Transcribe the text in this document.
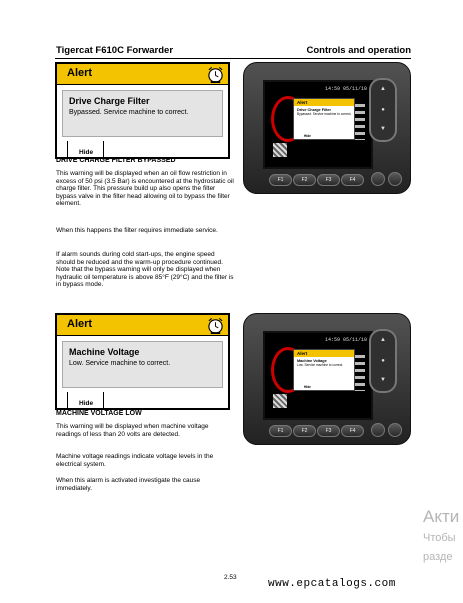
Tigercat F610C Forwarder	Controls and operation
Alert
Drive Charge Filter
Bypassed. Service machine to correct.
Hide
DRIVE CHARGE FILTER BYPASSED
This warning will be displayed when an oil flow restriction in excess of 50 psi (3.5 Bar) is encountered at the hydrostatic oil charge filter. This pressure build up also opens the filter bypass valve in the filter head allowing oil to bypass the filter element.
When this happens the filter requires immediate service.
If alarm sounds during cold start-ups, the engine speed should be reduced and the warm-up procedure continued. Note that the bypass warning will only be displayed when hydraulic oil temperature is above 85°F (29°C) and the filter is in bypass mode.
14:59 05/11/10
Alert
Drive Charge Filter
Bypassed. Service machine to correct.
Hide
▲
●
▼
F1	F2	F3	F4
Alert
Machine Voltage
Low. Service machine to correct.
Hide
MACHINE VOLTAGE LOW
This warning will be displayed when machine voltage readings of less than 20 volts are detected.
Machine voltage readings indicate voltage levels in the electrical system.
When this alarm is activated investigate the cause immediately.
14:59 05/11/10
Alert
Machine Voltage
Low. Service machine to correct.
Hide
▲
●
▼
F1	F2	F3	F4
Акти
Чтобы
разде
2.53
www.epcatalogs.com
